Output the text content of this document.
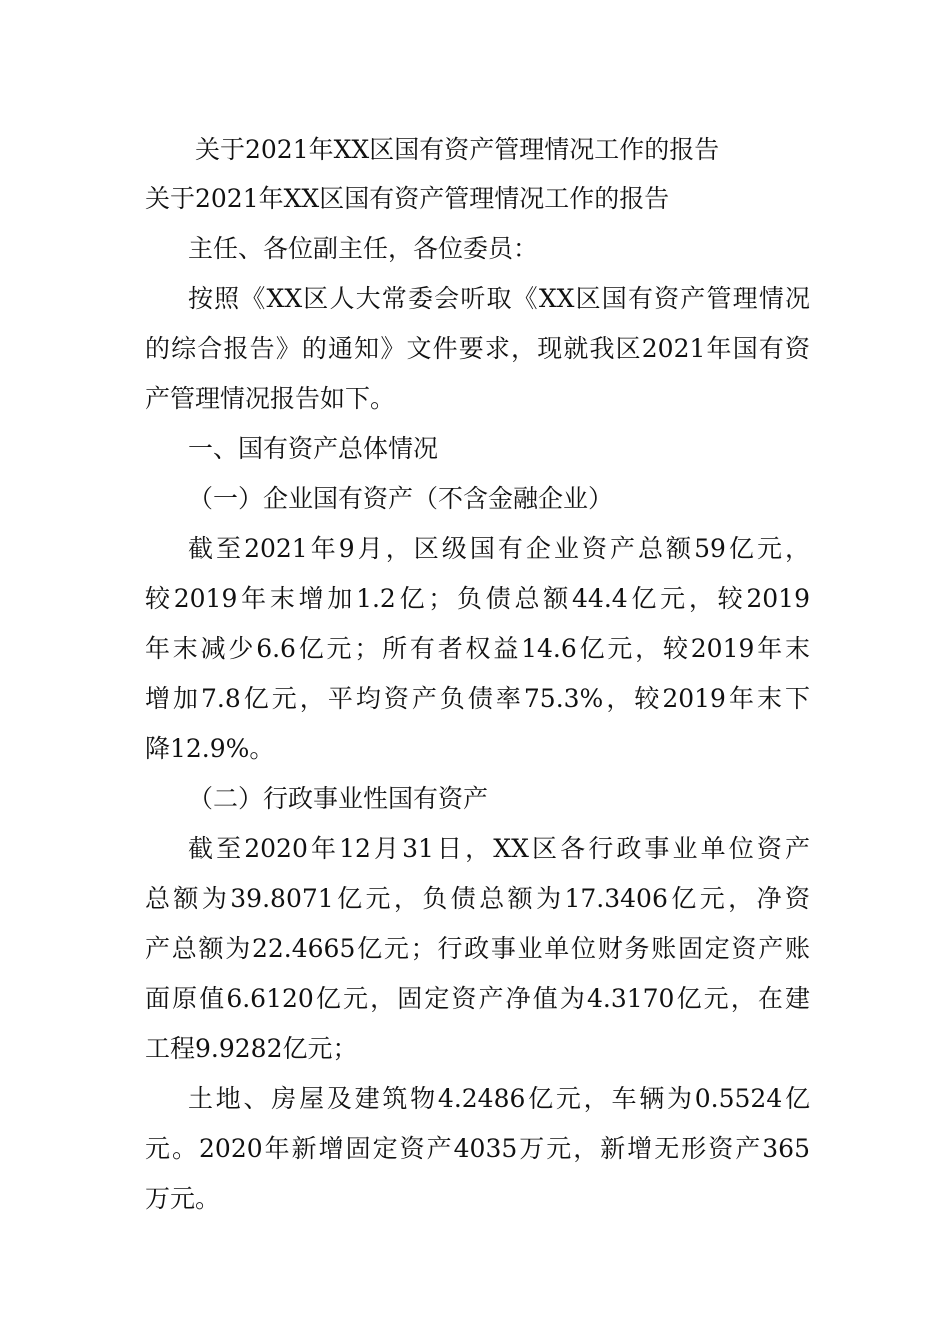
关于2021年XX区国有资产管理情况工作的报告
关于2021年XX区国有资产管理情况工作的报告
主任、各位副主任，各位委员：
按照《XX区人大常委会听取《XX区国有资产管理情况
的综合报告》的通知》文件要求，现就我区2021年国有资
产管理情况报告如下。
一、国有资产总体情况
（一）企业国有资产（不含金融企业）
截至2021年9月，区级国有企业资产总额59亿元，
较2019年末增加1.2亿；负债总额44.4亿元，较2019
年末减少6.6亿元；所有者权益14.6亿元，较2019年末
增加7.8亿元，平均资产负债率75.3%，较2019年末下
降12.9%。
（二）行政事业性国有资产
截至2020年12月31日，XX区各行政事业单位资产
总额为39.8071亿元，负债总额为17.3406亿元，净资
产总额为22.4665亿元；行政事业单位财务账固定资产账
面原值6.6120亿元，固定资产净值为4.3170亿元，在建
工程9.9282亿元；
土地、房屋及建筑物4.2486亿元，车辆为0.5524亿
元。2020年新增固定资产4035万元，新增无形资产365
万元。
